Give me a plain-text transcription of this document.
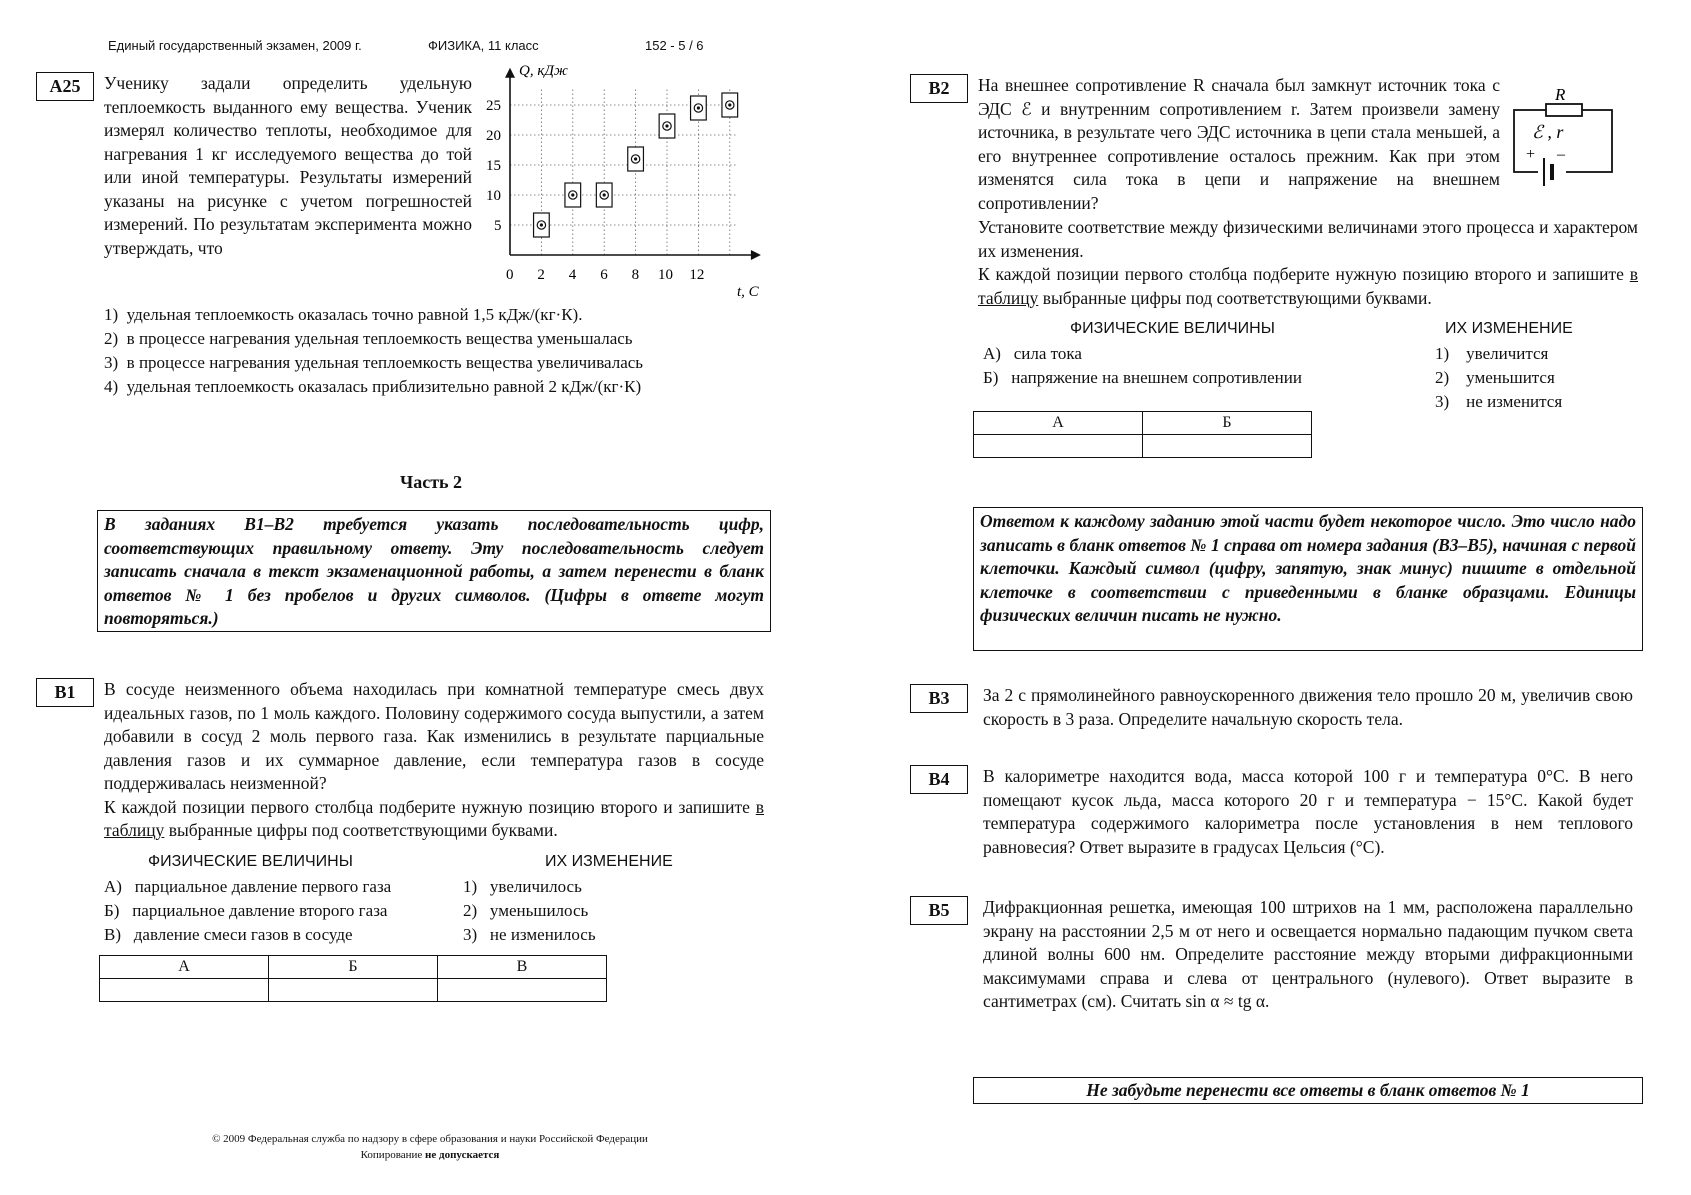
Единый государственный экзамен, 2009 г.	ФИЗИКА, 11 класс	152 - 5 / 6
A25	Ученику задали определить удельную теплоемкость выданного ему вещества. Ученик измерял количество теплоты, необходимое для нагревания 1 кг исследуемого вещества до той или иной температуры. Результаты измерений указаны на рисунке с учетом погрешностей измерений. По результатам эксперимента можно утверждать, что
0 2 4 6 8 10 12
5
10
15
20
25
Q, кДж
t, C
1) удельная теплоемкость оказалась точно равной 1,5 кДж/(кг·К).
2) в процессе нагревания удельная теплоемкость вещества уменьшалась
3) в процессе нагревания удельная теплоемкость вещества увеличивалась
4) удельная теплоемкость оказалась приблизительно равной 2 кДж/(кг·К)
Часть 2
В заданиях В1–В2 требуется указать последовательность цифр, соответствующих правильному ответу. Эту последовательность следует записать сначала в текст экзаменационной работы, а затем перенести в бланк ответов № 1 без пробелов и других символов. (Цифры в ответе могут повторяться.)
B1	В сосуде неизменного объема находилась при комнатной температуре смесь двух идеальных газов, по 1 моль каждого. Половину содержимого сосуда выпустили, а затем добавили в сосуд 2 моль первого газа. Как изменились в результате парциальные давления газов и их суммарное давление, если температура газов в сосуде поддерживалась неизменной?
К каждой позиции первого столбца подберите нужную позицию второго и запишите в таблицу выбранные цифры под соответствующими буквами.
ФИЗИЧЕСКИЕ ВЕЛИЧИНЫ	ИХ ИЗМЕНЕНИЕ
А) парциальное давление первого газа
Б) парциальное давление второго газа
В) давление смеси газов в сосуде
1) увеличилось
2) уменьшилось
3) не изменилось
А	Б	В

© 2009 Федеральная служба по надзору в сфере образования и науки Российской Федерации
Копирование не допускается
B2	На внешнее сопротивление R сначала был замкнут источник тока с ЭДС ℰ и внутренним сопротивлением r. Затем произвели замену источника, в результате чего ЭДС источника в цепи стала меньшей, а его внутреннее сопротивление осталось прежним. Как при этом изменятся сила тока в цепи и напряжение на внешнем сопротивлении?
R
ℰ , r
+ –
Установите соответствие между физическими величинами этого процесса и характером их изменения.
К каждой позиции первого столбца подберите нужную позицию второго и запишите в таблицу выбранные цифры под соответствующими буквами.
ФИЗИЧЕСКИЕ ВЕЛИЧИНЫ	ИХ ИЗМЕНЕНИЕ
А) сила тока
Б) напряжение на внешнем сопротивлении
1) увеличится
2) уменьшится
3) не изменится
А	Б

Ответом к каждому заданию этой части будет некоторое число. Это число надо записать в бланк ответов № 1 справа от номера задания (В3–В5), начиная с первой клеточки. Каждый символ (цифру, запятую, знак минус) пишите в отдельной клеточке в соответствии с приведенными в бланке образцами. Единицы физических величин писать не нужно.
B3	За 2 с прямолинейного равноускоренного движения тело прошло 20 м, увеличив свою скорость в 3 раза. Определите начальную скорость тела.
B4	В калориметре находится вода, масса которой 100 г и температура 0°С. В него помещают кусок льда, масса которого 20 г и температура − 15°С. Какой будет температура содержимого калориметра после установления в нем теплового равновесия? Ответ выразите в градусах Цельсия (°С).
B5	Дифракционная решетка, имеющая 100 штрихов на 1 мм, расположена параллельно экрану на расстоянии 2,5 м от него и освещается нормально падающим пучком света длиной волны 600 нм. Определите расстояние между вторыми дифракционными максимумами справа и слева от центрального (нулевого). Ответ выразите в сантиметрах (см). Считать sin α ≈ tg α.
Не забудьте перенести все ответы в бланк ответов № 1
